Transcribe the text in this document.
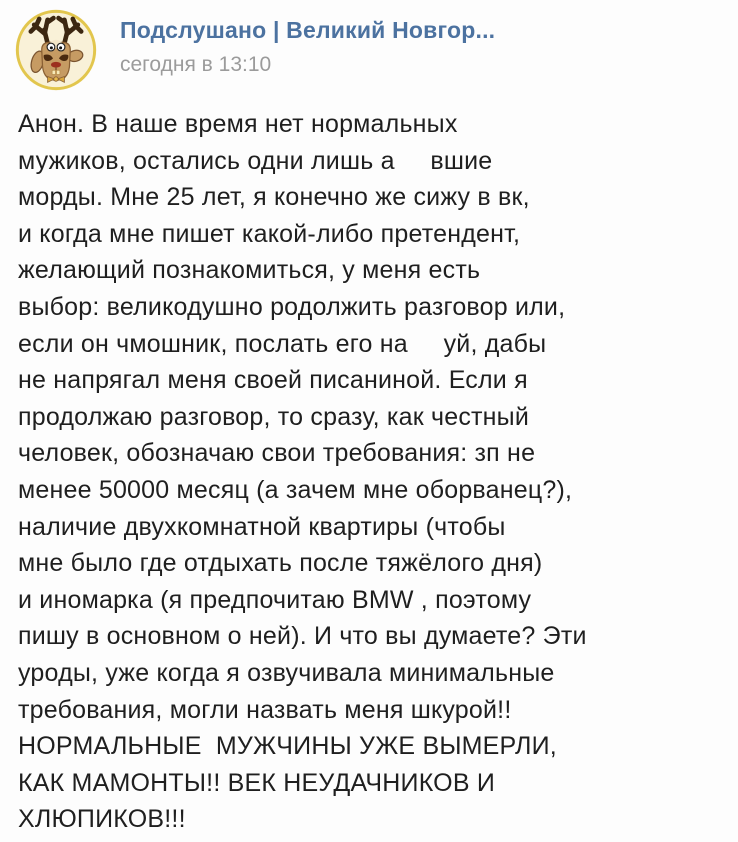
Подслушано | Великий Новгор...
сегодня в 13:10
Анон. В наше время нет нормальных
мужиков, остались одни лишь а     вшие
морды. Мне 25 лет, я конечно же сижу в вк,
и когда мне пишет какой-либо претендент,
желающий познакомиться, у меня есть
выбор: великодушно родолжить разговор или,
если он чмошник, послать его на     уй, дабы
не напрягал меня своей писаниной. Если я
продолжаю разговор, то сразу, как честный
человек, обозначаю свои требования: зп не
менее 50000 месяц (а зачем мне оборванец?),
наличие двухкомнатной квартиры (чтобы
мне было где отдыхать после тяжёлого дня)
и иномарка (я предпочитаю BMW , поэтому
пишу в основном о ней). И что вы думаете? Эти
уроды, уже когда я озвучивала минимальные
требования, могли назвать меня шкурой!!
НОРМАЛЬНЫЕ  МУЖЧИНЫ УЖЕ ВЫМЕРЛИ,
КАК МАМОНТЫ!! ВЕК НЕУДАЧНИКОВ И
ХЛЮПИКОВ!!!
